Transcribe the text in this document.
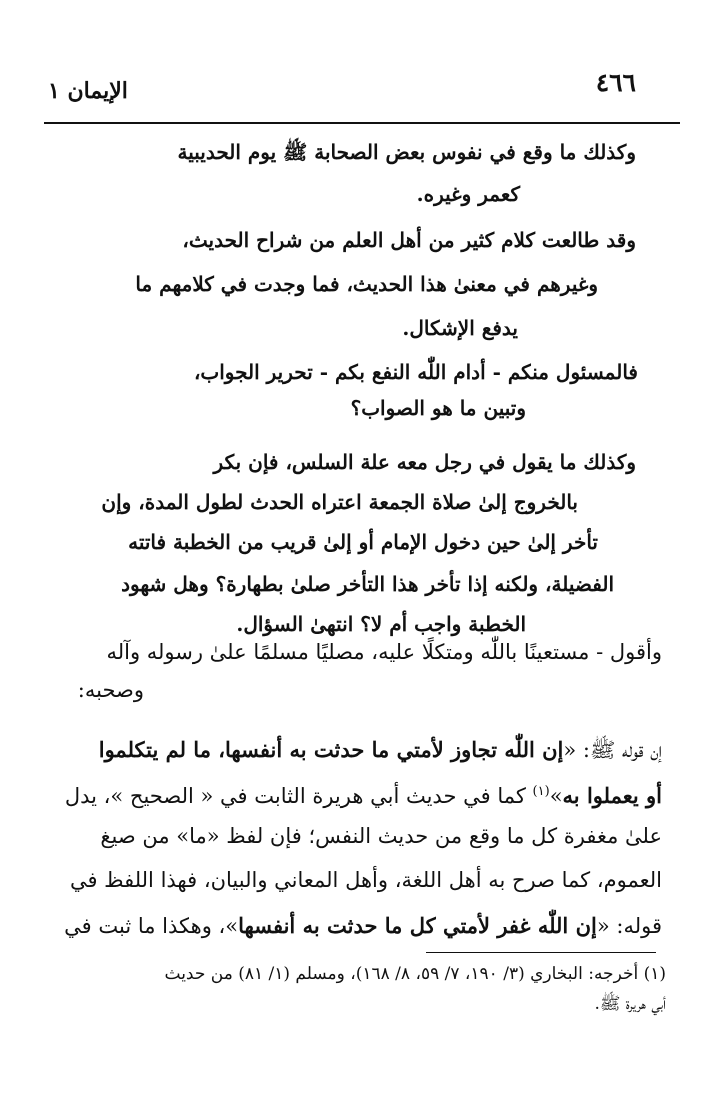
٤٦٦
الإيمان ١
وكذلك ما وقع في نفوس بعض الصحابة ﷺ يوم الحديبية
كعمر وغيره.
وقد طالعت كلام كثير من أهل العلم من شراح الحديث،
وغيرهم في معنىٰ هذا الحديث، فما وجدت في كلامهم ما
يدفع الإشكال.
فالمسئول منكم - أدام اللّٰه النفع بكم - تحرير الجواب،
وتبين ما هو الصواب؟
وكذلك ما يقول في رجل معه علة السلس، فإن بكر
بالخروج إلىٰ صلاة الجمعة اعتراه الحدث لطول المدة، وإن
تأخر إلىٰ حين دخول الإمام أو إلىٰ قريب من الخطبة فاتته
الفضيلة، ولكنه إذا تأخر هذا التأخر صلىٰ بطهارة؟ وهل شهود
الخطبة واجب أم لا؟ انتهىٰ السؤال.
وأقول - مستعينًا باللّٰه ومتكلًا عليه، مصليًا مسلمًا علىٰ رسوله وآله
وصحبه:
إن قوله ﷺ: «إن اللّٰه تجاوز لأمتي ما حدثت به أنفسها، ما لم يتكلموا
أو يعملوا به»$^{(١)}$ كما في حديث أبي هريرة الثابت في « الصحيح »، يدل
علىٰ مغفرة كل ما وقع من حديث النفس؛ فإن لفظ «ما» من صيغ
العموم، كما صرح به أهل اللغة، وأهل المعاني والبيان، فهذا اللفظ في
قوله: «إن اللّٰه غفر لأمتي كل ما حدثت به أنفسها»، وهكذا ما ثبت في
(١) أخرجه: البخاري (٣/ ١٩٠، ٧/ ٥٩، ٨/ ١٦٨)، ومسلم (١/ ٨١) من حديث
أبي هريرة ﷺ.
